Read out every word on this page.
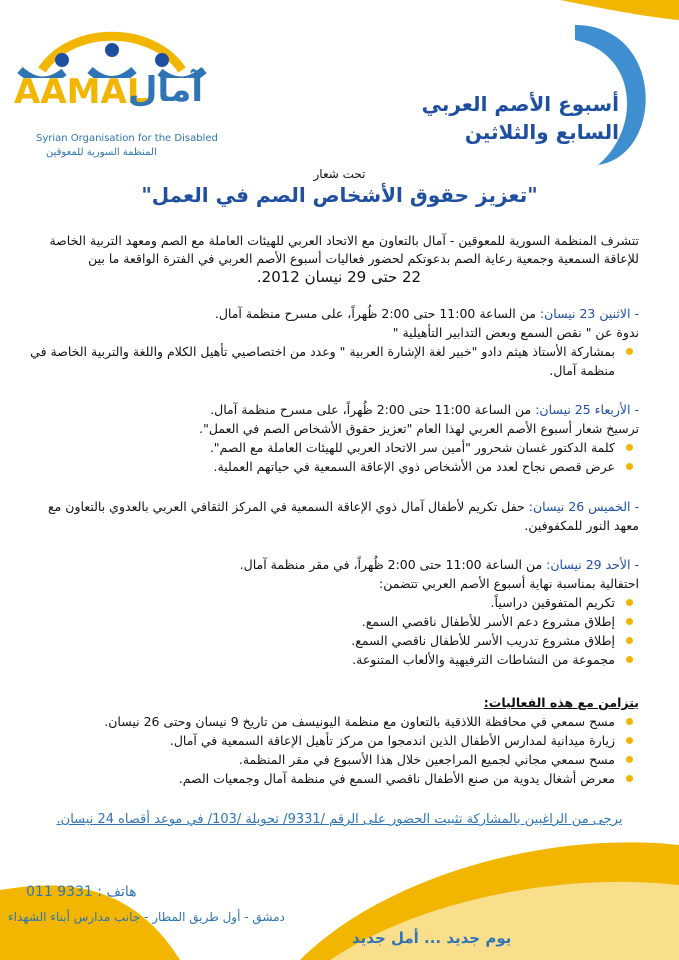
AAMAL
آمال
Syrian Organisation for the Disabled
المنظمة السورية للمعوقين
أسبوع الأصم العربي
السابع والثلاثين
تحت شعار
"تعزيز حقوق الأشخاص الصم في العمل"
تتشرف المنظمة السورية للمعوقين - آمال بالتعاون مع الاتحاد العربي للهيئات العاملة مع الصم ومعهد التربية الخاصة للإعاقة السمعية وجمعية رعاية الصم بدعوتكم لحضور فعاليات أسبوع الأصم العربي في الفترة الواقعة ما بين
22 حتى 29 نيسان 2012.
- الاثنين 23 نيسان: من الساعة 11:00 حتى 2:00 ظُهراً، على مسرح منظمة آمال.
ندوة عن " نقص السمع وبعض التدابير التأهيلية "
بمشاركة الأستاذ هيثم دادو "خبير لغة الإشارة العربية " وعدد من اختصاصيي تأهيل الكلام واللغة والتربية الخاصة في منظمة آمال.
- الأربعاء 25 نيسان: من الساعة 11:00 حتى 2:00 ظُهراً، على مسرح منظمة آمال.
ترسيخ شعار أسبوع الأصم العربي لهذا العام "تعزيز حقوق الأشخاص الصم في العمل".
كلمة الدكتور غسان شحرور "أمين سر الاتحاد العربي للهيئات العاملة مع الصم".
عرض قصص نجاح لعدد من الأشخاص ذوي الإعاقة السمعية في حياتهم العملية.
- الخميس 26 نيسان: حفل تكريم لأطفال آمال ذوي الإعاقة السمعية في المركز الثقافي العربي بالعدوي بالتعاون مع معهد النور للمكفوفين.
- الأحد 29 نيسان: من الساعة 11:00 حتى 2:00 ظُهراً، في مقر منظمة آمال.
احتفالية بمناسبة نهاية أسبوع الأصم العربي تتضمن:
تكريم المتفوقين دراسياً.
إطلاق مشروع دعم الأسر للأطفال ناقصي السمع.
إطلاق مشروع تدريب الأسر للأطفال ناقصي السمع.
مجموعة من النشاطات الترفيهية والألعاب المتنوعة.
يتزامن مع هذه الفعاليات:
مسح سمعي في محافظة اللاذقية بالتعاون مع منظمة اليونيسف من تاريخ 9 نيسان وحتى 26 نيسان.
زيارة ميدانية لمدارس الأطفال الذين اندمجوا من مركز تأهيل الإعاقة السمعية في آمال.
مسح سمعي مجاني لجميع المراجعين خلال هذا الأسبوع في مقر المنظمة.
معرض أشغال يدوية من صنع الأطفال ناقصي السمع في منظمة آمال وجمعيات الصم.
يرجى من الراغبين بالمشاركة تثبيت الحضور على الرقم /9331/ تحويلة /103/ في موعد أقصاه 24 نيسان.
هاتف : 9331 011
دمشق - أول طريق المطار - جانب مدارس أبناء الشهداء
يوم جديد ... أمل جديد
